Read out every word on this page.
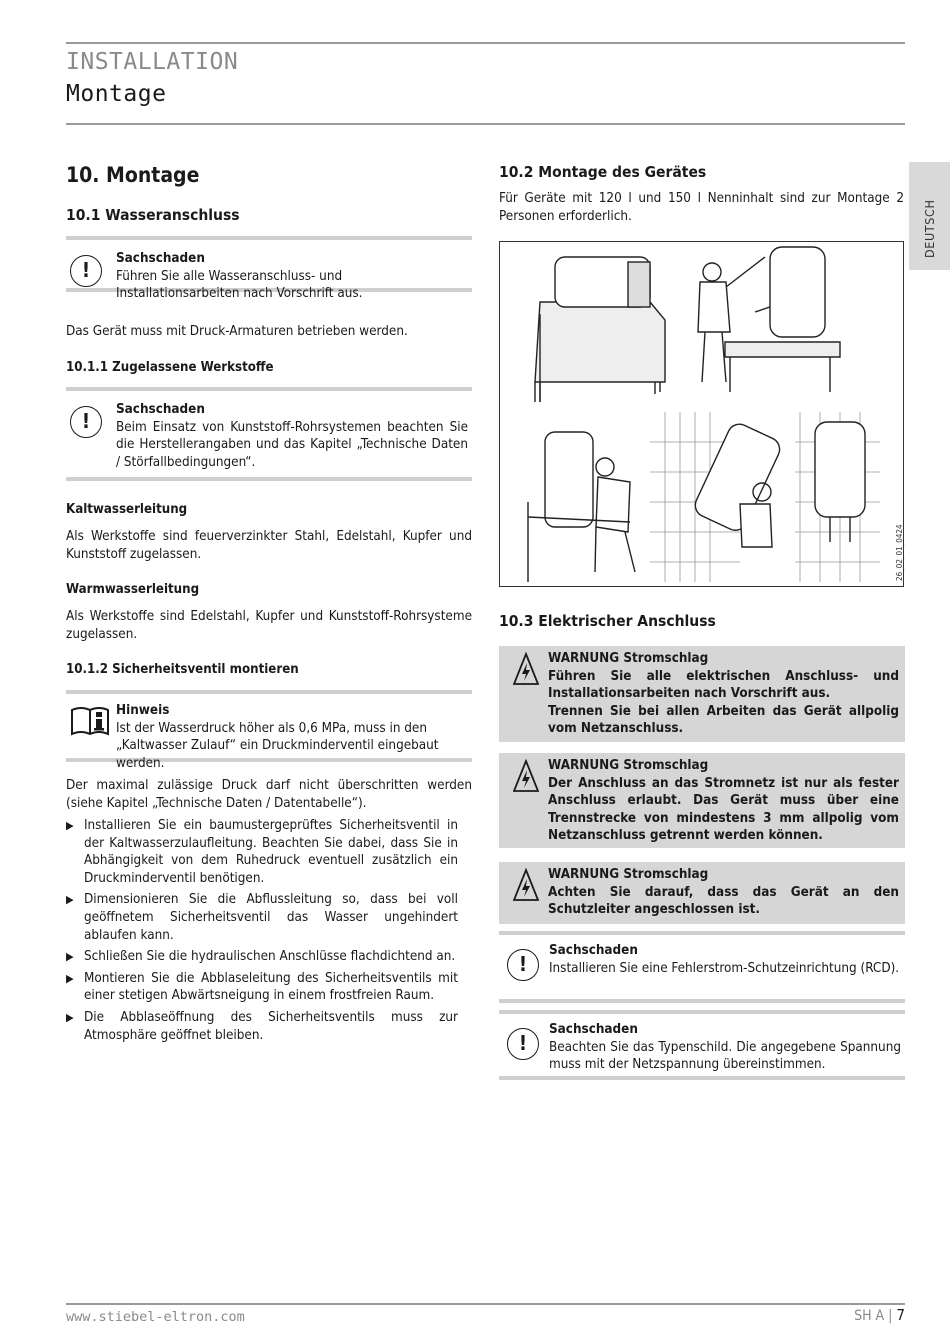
INSTALLATION
Montage
DEUTSCH
10. Montage
10.1 Wasseranschluss
!	Sachschaden
Führen Sie alle Wasseranschluss- und Installationsarbeiten nach Vorschrift aus.

Das Gerät muss mit Druck-Armaturen betrieben werden.

10.1.1 Zugelassene Werkstoffe
!	Sachschaden
Beim Einsatz von Kunststoff-Rohrsystemen beachten Sie die Herstellerangaben und das Kapitel „Technische Daten / Störfallbedingungen“.
Kaltwasserleitung

Als Werkstoffe sind feuerverzinkter Stahl, Edelstahl, Kupfer und Kunststoff zugelassen.

Warmwasserleitung

Als Werkstoffe sind Edelstahl, Kupfer und Kunststoff-Rohrsysteme zugelassen.

10.1.2 Sicherheitsventil montieren
Hinweis
Ist der Wasserdruck höher als 0,6 MPa, muss in den „Kaltwasser Zulauf“ ein Druckminderventil eingebaut werden.

Der maximal zulässige Druck darf nicht überschritten werden (siehe Kapitel „Technische Daten / Datentabelle“).

▶ Installieren Sie ein baumustergeprüftes Sicherheitsventil in der Kaltwasserzulaufleitung. Beachten Sie dabei, dass Sie in Abhängigkeit von dem Ruhedruck eventuell zusätzlich ein Druckminderventil benötigen.
▶ Dimensionieren Sie die Abflussleitung so, dass bei voll geöffnetem Sicherheitsventil das Wasser ungehindert ablaufen kann.
▶ Schließen Sie die hydraulischen Anschlüsse flachdichtend an.
▶ Montieren Sie die Abblaseleitung des Sicherheitsventils mit einer stetigen Abwärtsneigung in einem frostfreien Raum.
▶ Die Abblaseöffnung des Sicherheitsventils muss zur Atmosphäre geöffnet bleiben.
10.2 Montage des Gerätes

Für Geräte mit 120 l und 150 l Nenninhalt sind zur Montage 2 Personen erforderlich.

26_02_01_0424
10.3 Elektrischer Anschluss
WARNUNG Stromschlag
Führen Sie alle elektrischen Anschluss- und Installationsarbeiten nach Vorschrift aus.
Trennen Sie bei allen Arbeiten das Gerät allpolig vom Netzanschluss.
WARNUNG Stromschlag
Der Anschluss an das Stromnetz ist nur als fester Anschluss erlaubt. Das Gerät muss über eine Trennstrecke von mindestens 3 mm allpolig vom Netzanschluss getrennt werden können.
WARNUNG Stromschlag
Achten Sie darauf, dass das Gerät an den Schutzleiter angeschlossen ist.
!
Sachschaden
Installieren Sie eine Fehlerstrom-Schutzeinrichtung (RCD).
!
Sachschaden
Beachten Sie das Typenschild. Die angegebene Spannung muss mit der Netzspannung übereinstimmen.
www.stiebel-eltron.com	SH A | 7
